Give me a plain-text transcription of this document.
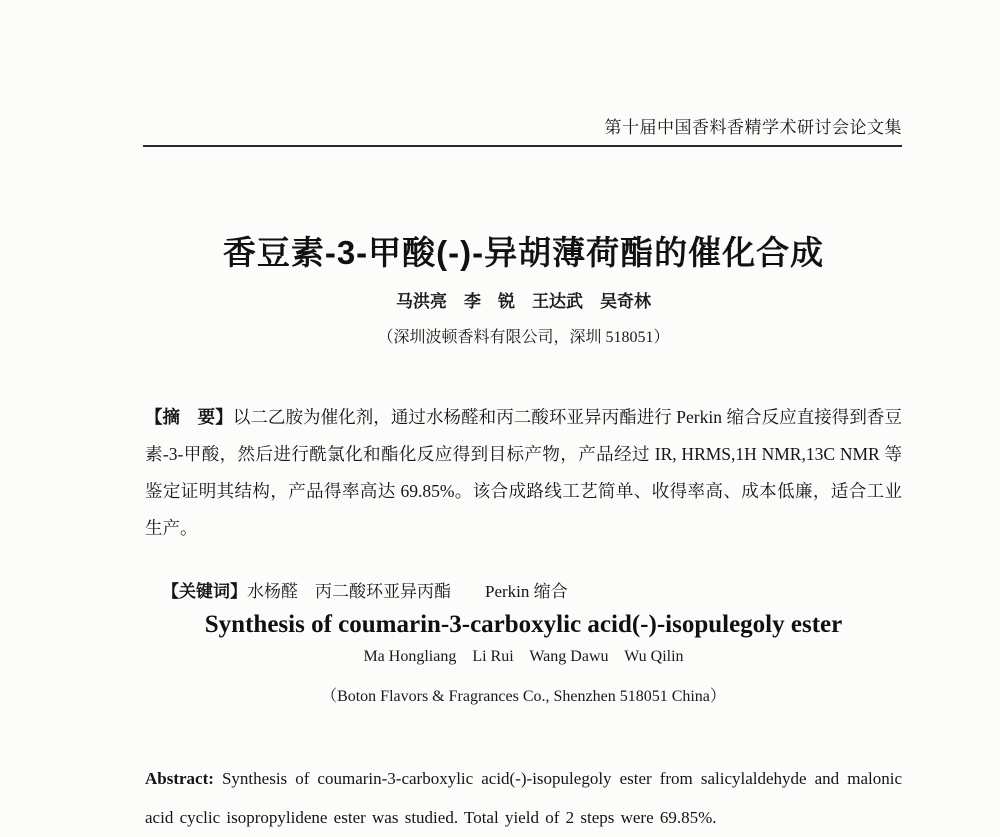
第十届中国香料香精学术研讨会论文集
香豆素-3-甲酸(-)-异胡薄荷酯的催化合成
马洪亮　李　锐　王达武　吴奇林
（深圳波顿香料有限公司，深圳 518051）

【摘　要】以二乙胺为催化剂，通过水杨醛和丙二酸环亚异丙酯进行 Perkin 缩合反应直接得到香豆素-3-甲酸，然后进行酰氯化和酯化反应得到目标产物，产品经过 IR, HRMS,1H NMR,13C NMR 等鉴定证明其结构，产品得率高达 69.85%。该合成路线工艺简单、收得率高、成本低廉，适合工业生产。

【关键词】水杨醛　丙二酸环亚异丙酯　　Perkin 缩合

Synthesis of coumarin-3-carboxylic acid(-)-isopulegoly ester
Ma Hongliang    Li Rui    Wang Dawu    Wu Qilin
（Boton Flavors & Fragrances Co., Shenzhen 518051 China）

Abstract: Synthesis of coumarin-3-carboxylic acid(-)-isopulegoly ester from salicylaldehyde and malonic acid cyclic isopropylidene ester was studied. Total yield of 2 steps were 69.85%.
